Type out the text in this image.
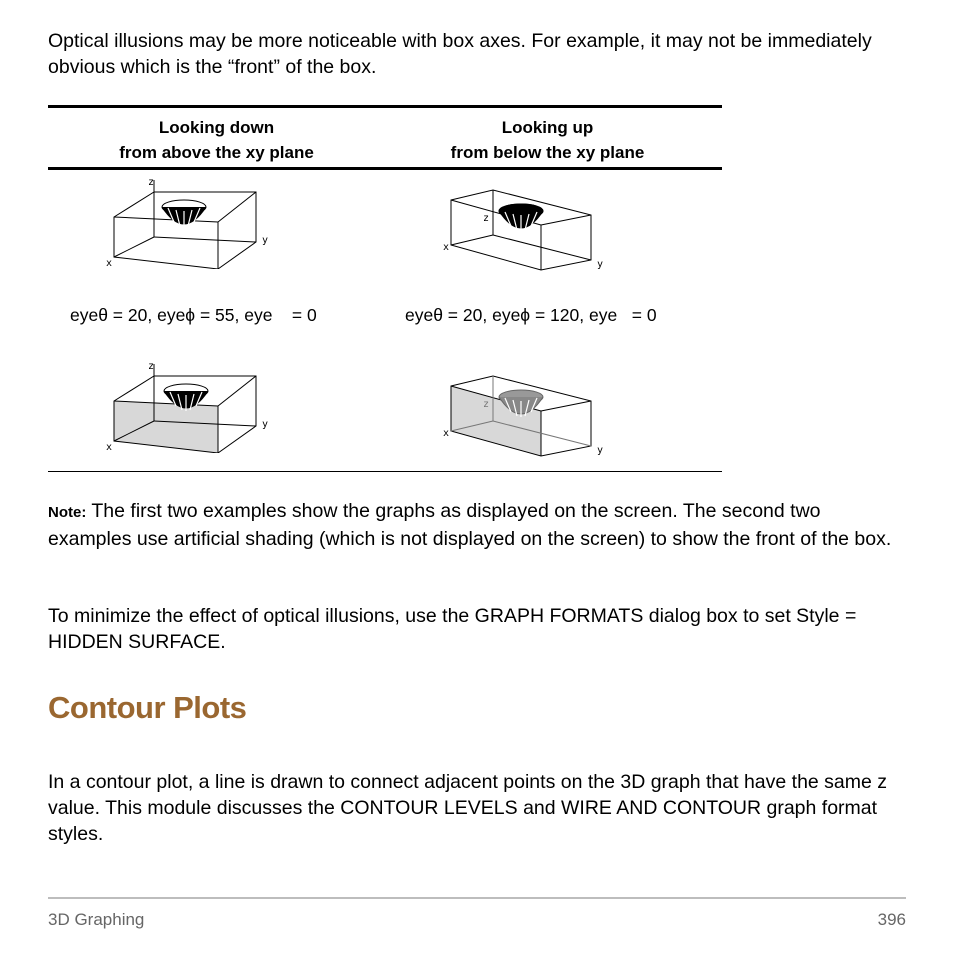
Optical illusions may be more noticeable with box axes. For example, it may not be immediately obvious which is the “front” of the box.

Looking down
from above the xy plane
Looking up
from below the xy plane
z
y
x
z
y
x
eyeθ = 20, eyeϕ = 55, eye    = 0	eyeθ = 20, eyeϕ = 120, eye   = 0
z
y
x
z
y
x

Note: The first two examples show the graphs as displayed on the screen. The second two examples use artificial shading (which is not displayed on the screen) to show the front of the box.

To minimize the effect of optical illusions, use the GRAPH FORMATS dialog box to set Style = HIDDEN SURFACE.

Contour Plots

In a contour plot, a line is drawn to connect adjacent points on the 3D graph that have the same z value. This module discusses the CONTOUR LEVELS and WIRE AND CONTOUR graph format styles.

3D Graphing	396
